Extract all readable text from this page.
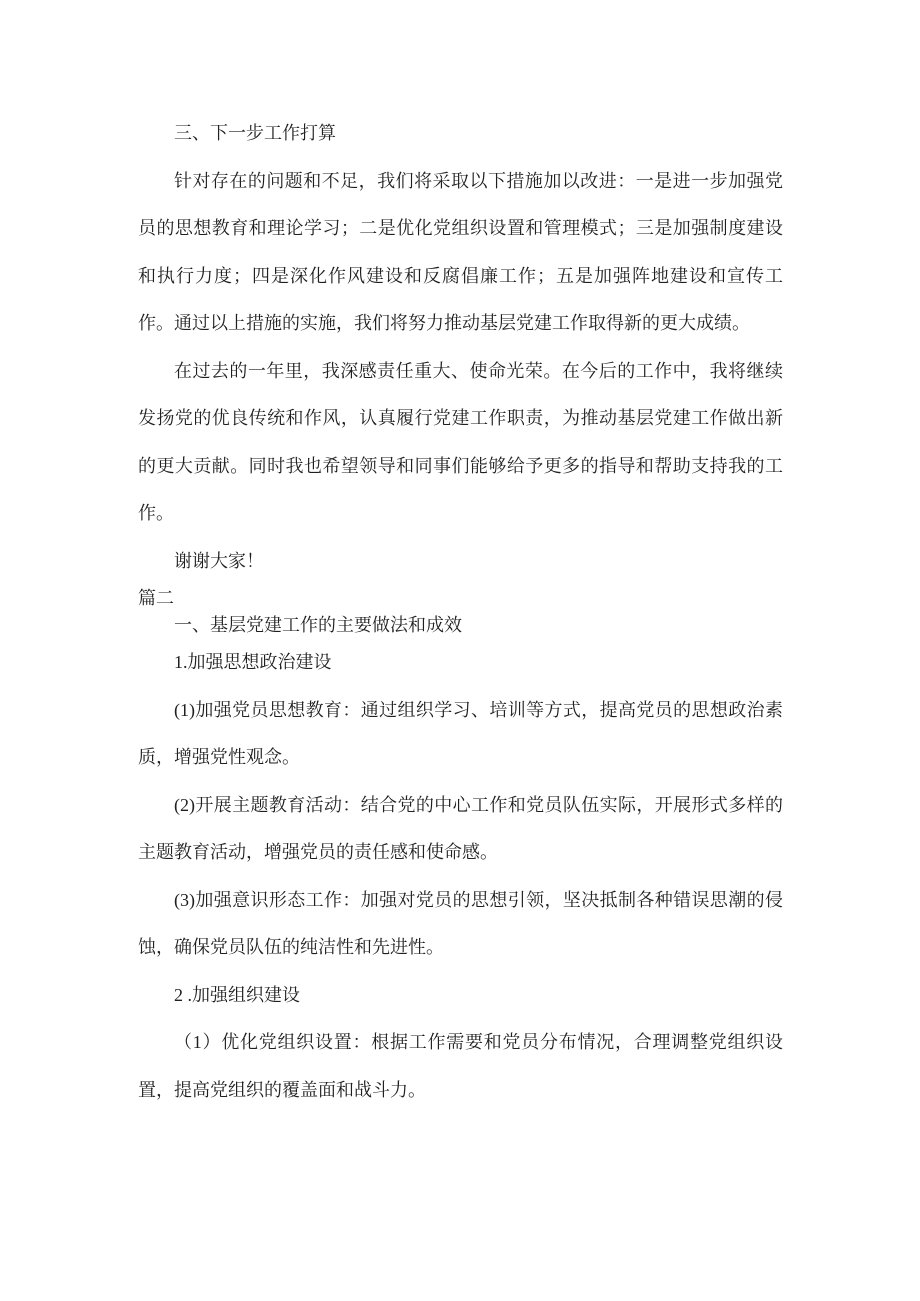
三、下一步工作打算

针对存在的问题和不足，我们将采取以下措施加以改进：一是进一步加强党员的思想教育和理论学习；二是优化党组织设置和管理模式；三是加强制度建设和执行力度；四是深化作风建设和反腐倡廉工作；五是加强阵地建设和宣传工作。通过以上措施的实施，我们将努力推动基层党建工作取得新的更大成绩。

在过去的一年里，我深感责任重大、使命光荣。在今后的工作中，我将继续发扬党的优良传统和作风，认真履行党建工作职责，为推动基层党建工作做出新的更大贡献。同时我也希望领导和同事们能够给予更多的指导和帮助支持我的工作。

谢谢大家！

篇二

一、基层党建工作的主要做法和成效

1.加强思想政治建设

(1)加强党员思想教育：通过组织学习、培训等方式，提高党员的思想政治素质，增强党性观念。

(2)开展主题教育活动：结合党的中心工作和党员队伍实际，开展形式多样的主题教育活动，增强党员的责任感和使命感。

(3)加强意识形态工作：加强对党员的思想引领，坚决抵制各种错误思潮的侵蚀，确保党员队伍的纯洁性和先进性。

2 .加强组织建设

（1）优化党组织设置：根据工作需要和党员分布情况，合理调整党组织设置，提高党组织的覆盖面和战斗力。
